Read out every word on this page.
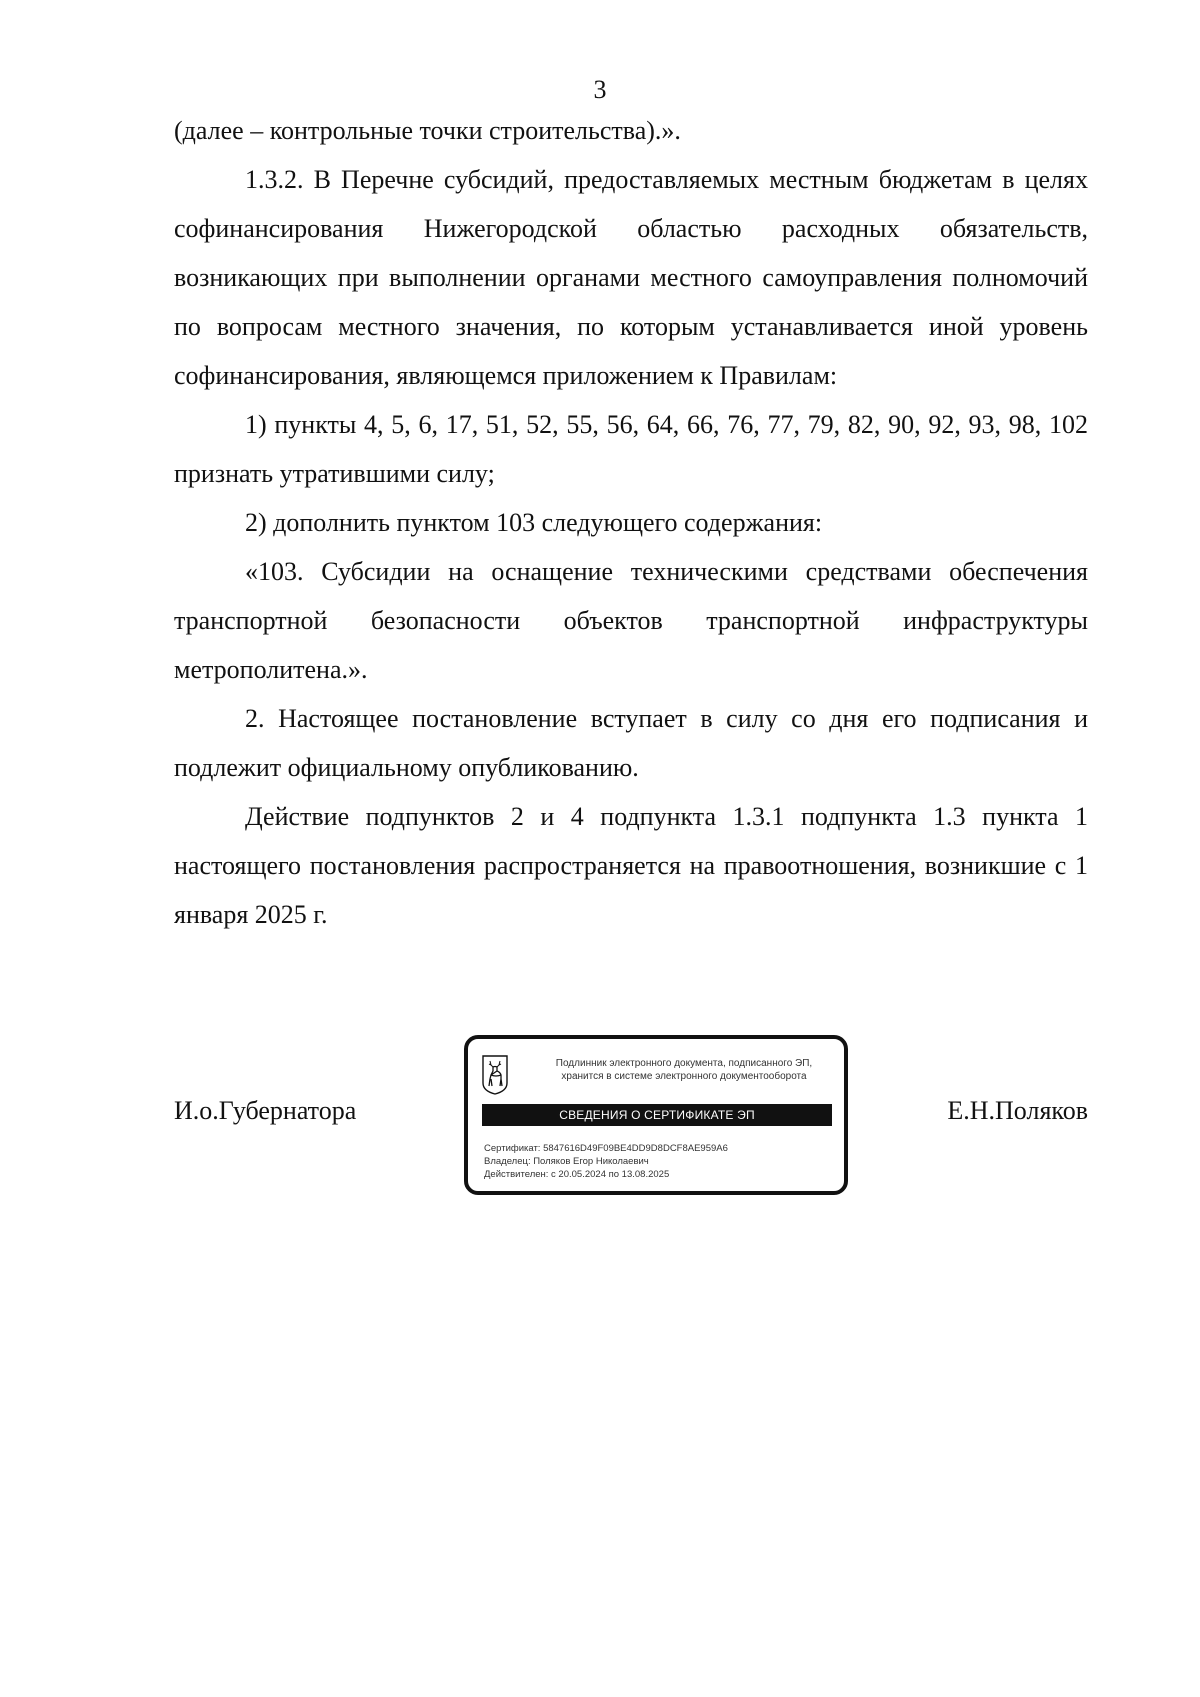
3

(далее – контрольные точки строительства).».

1.3.2. В Перечне субсидий, предоставляемых местным бюджетам в целях софинансирования Нижегородской областью расходных обязательств, возникающих при выполнении органами местного самоуправления полномочий по вопросам местного значения, по которым устанавливается иной уровень софинансирования, являющемся приложением к Правилам:

1) пункты 4, 5, 6, 17, 51, 52, 55, 56, 64, 66, 76, 77, 79, 82, 90, 92, 93, 98, 102 признать утратившими силу;

2) дополнить пунктом 103 следующего содержания:

«103. Субсидии на оснащение техническими средствами обеспечения транспортной безопасности объектов транспортной инфраструктуры метрополитена.».

2. Настоящее постановление вступает в силу со дня его подписания и подлежит официальному опубликованию.

Действие подпунктов 2 и 4 подпункта 1.3.1 подпункта 1.3 пункта 1 настоящего постановления распространяется на правоотношения, возникшие с 1 января 2025 г.

И.о.Губернатора	Е.Н.Поляков
Подлинник электронного документа, подписанного ЭП,
хранится в системе электронного документооборота
СВЕДЕНИЯ О СЕРТИФИКАТЕ ЭП
Сертификат: 5847616D49F09BE4DD9D8DCF8AE959A6
Владелец: Поляков Егор Николаевич
Действителен: с 20.05.2024 по 13.08.2025
